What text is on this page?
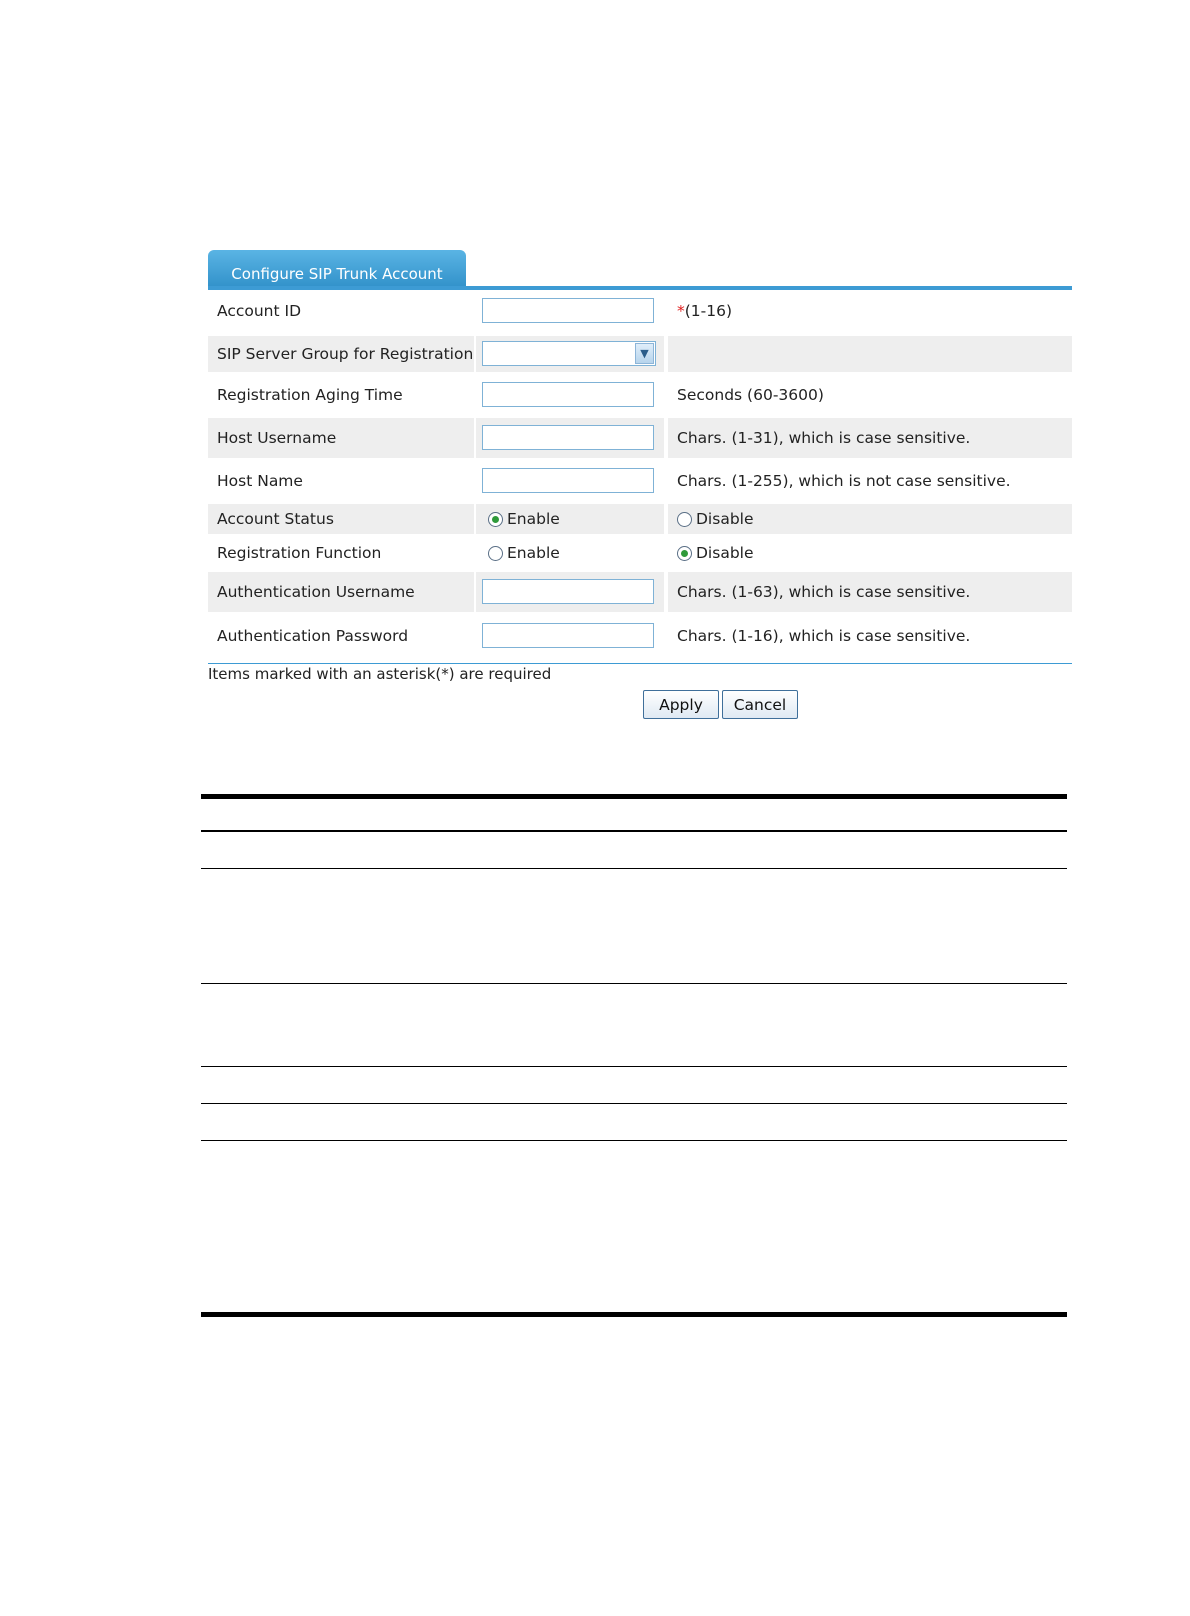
Configure SIP Trunk Account
Account ID	* (1-16)
SIP Server Group for Registration	▼
Registration Aging Time	Seconds (60-3600)
Host Username	Chars. (1-31), which is case sensitive.
Host Name	Chars. (1-255), which is not case sensitive.
Account Status	Enable	Disable
Registration Function	Enable	Disable
Authentication Username	Chars. (1-63), which is case sensitive.
Authentication Password	Chars. (1-16), which is case sensitive.
Items marked with an asterisk(*) are required
Apply	Cancel
